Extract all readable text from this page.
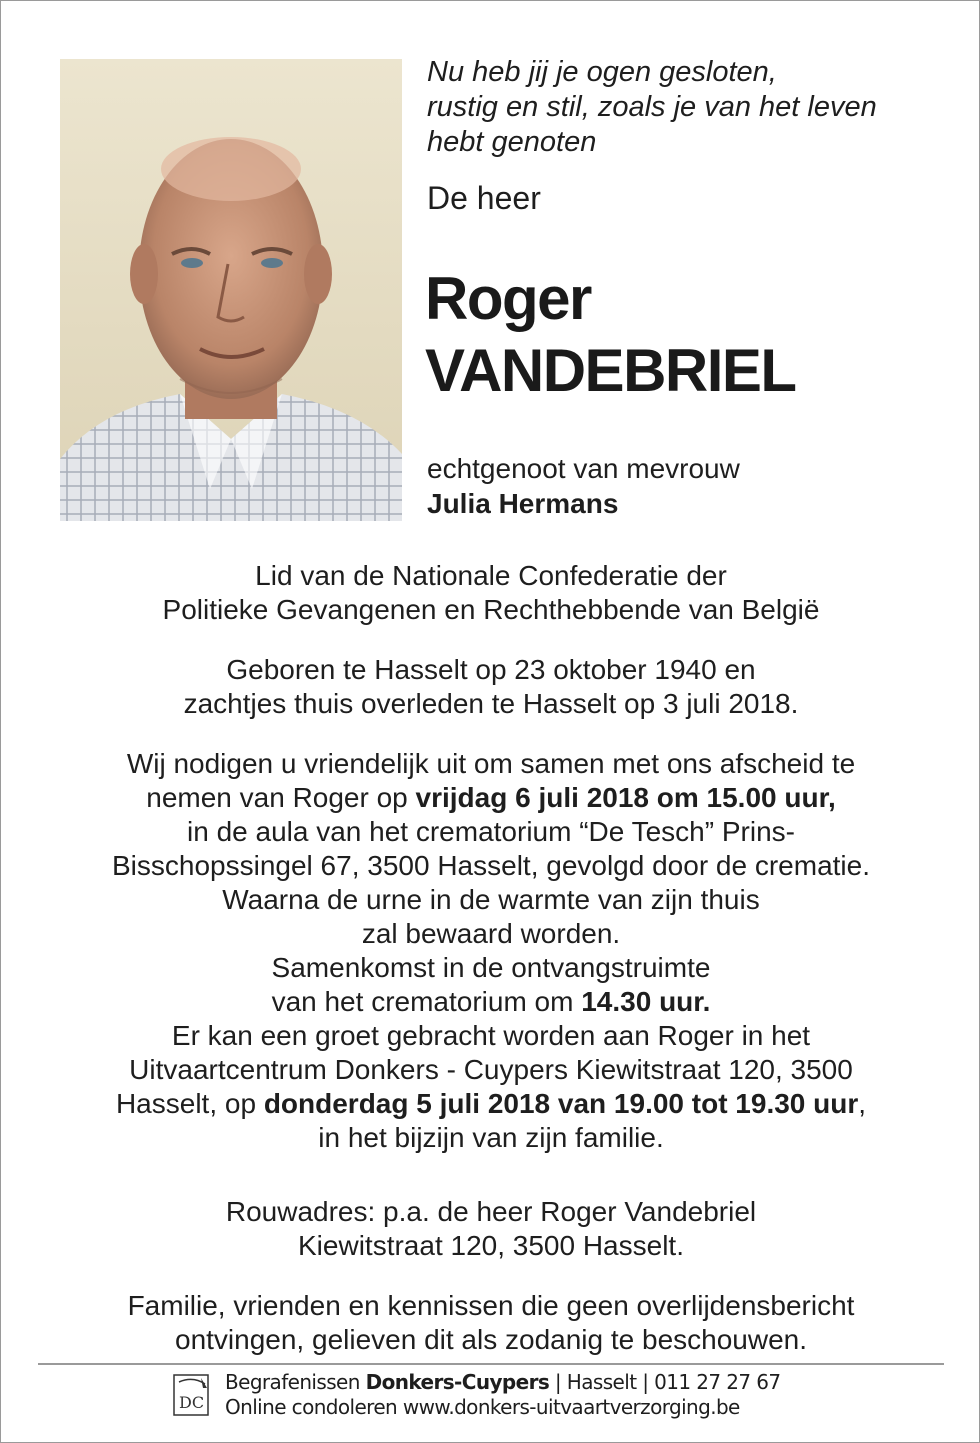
Nu heb jij je ogen gesloten,
rustig en stil, zoals je van het leven
hebt genoten
De heer
Roger
VANDEBRIEL
echtgenoot van mevrouw
Julia Hermans
Lid van de Nationale Confederatie der
Politieke Gevangenen en Rechthebbende van België
Geboren te Hasselt op 23 oktober 1940 en
zachtjes thuis overleden te Hasselt op 3 juli 2018.
Wij nodigen u vriendelijk uit om samen met ons afscheid te
nemen van Roger op vrijdag 6 juli 2018 om 15.00 uur,
in de aula van het crematorium “De Tesch” Prins-
Bisschopssingel 67, 3500 Hasselt, gevolgd door de crematie.
Waarna de urne in de warmte van zijn thuis
zal bewaard worden.
Samenkomst in de ontvangstruimte
van het crematorium om 14.30 uur.
Er kan een groet gebracht worden aan Roger in het
Uitvaartcentrum Donkers - Cuypers Kiewitstraat 120, 3500
Hasselt, op donderdag 5 juli 2018 van 19.00 tot 19.30 uur,
in het bijzijn van zijn familie.
Rouwadres: p.a. de heer Roger Vandebriel
Kiewitstraat 120, 3500 Hasselt.
Familie, vrienden en kennissen die geen overlijdensbericht
ontvingen, gelieven dit als zodanig te beschouwen.
DC
Begrafenissen Donkers-Cuypers | Hasselt | 011 27 27 67
Online condoleren www.donkers-uitvaartverzorging.be
